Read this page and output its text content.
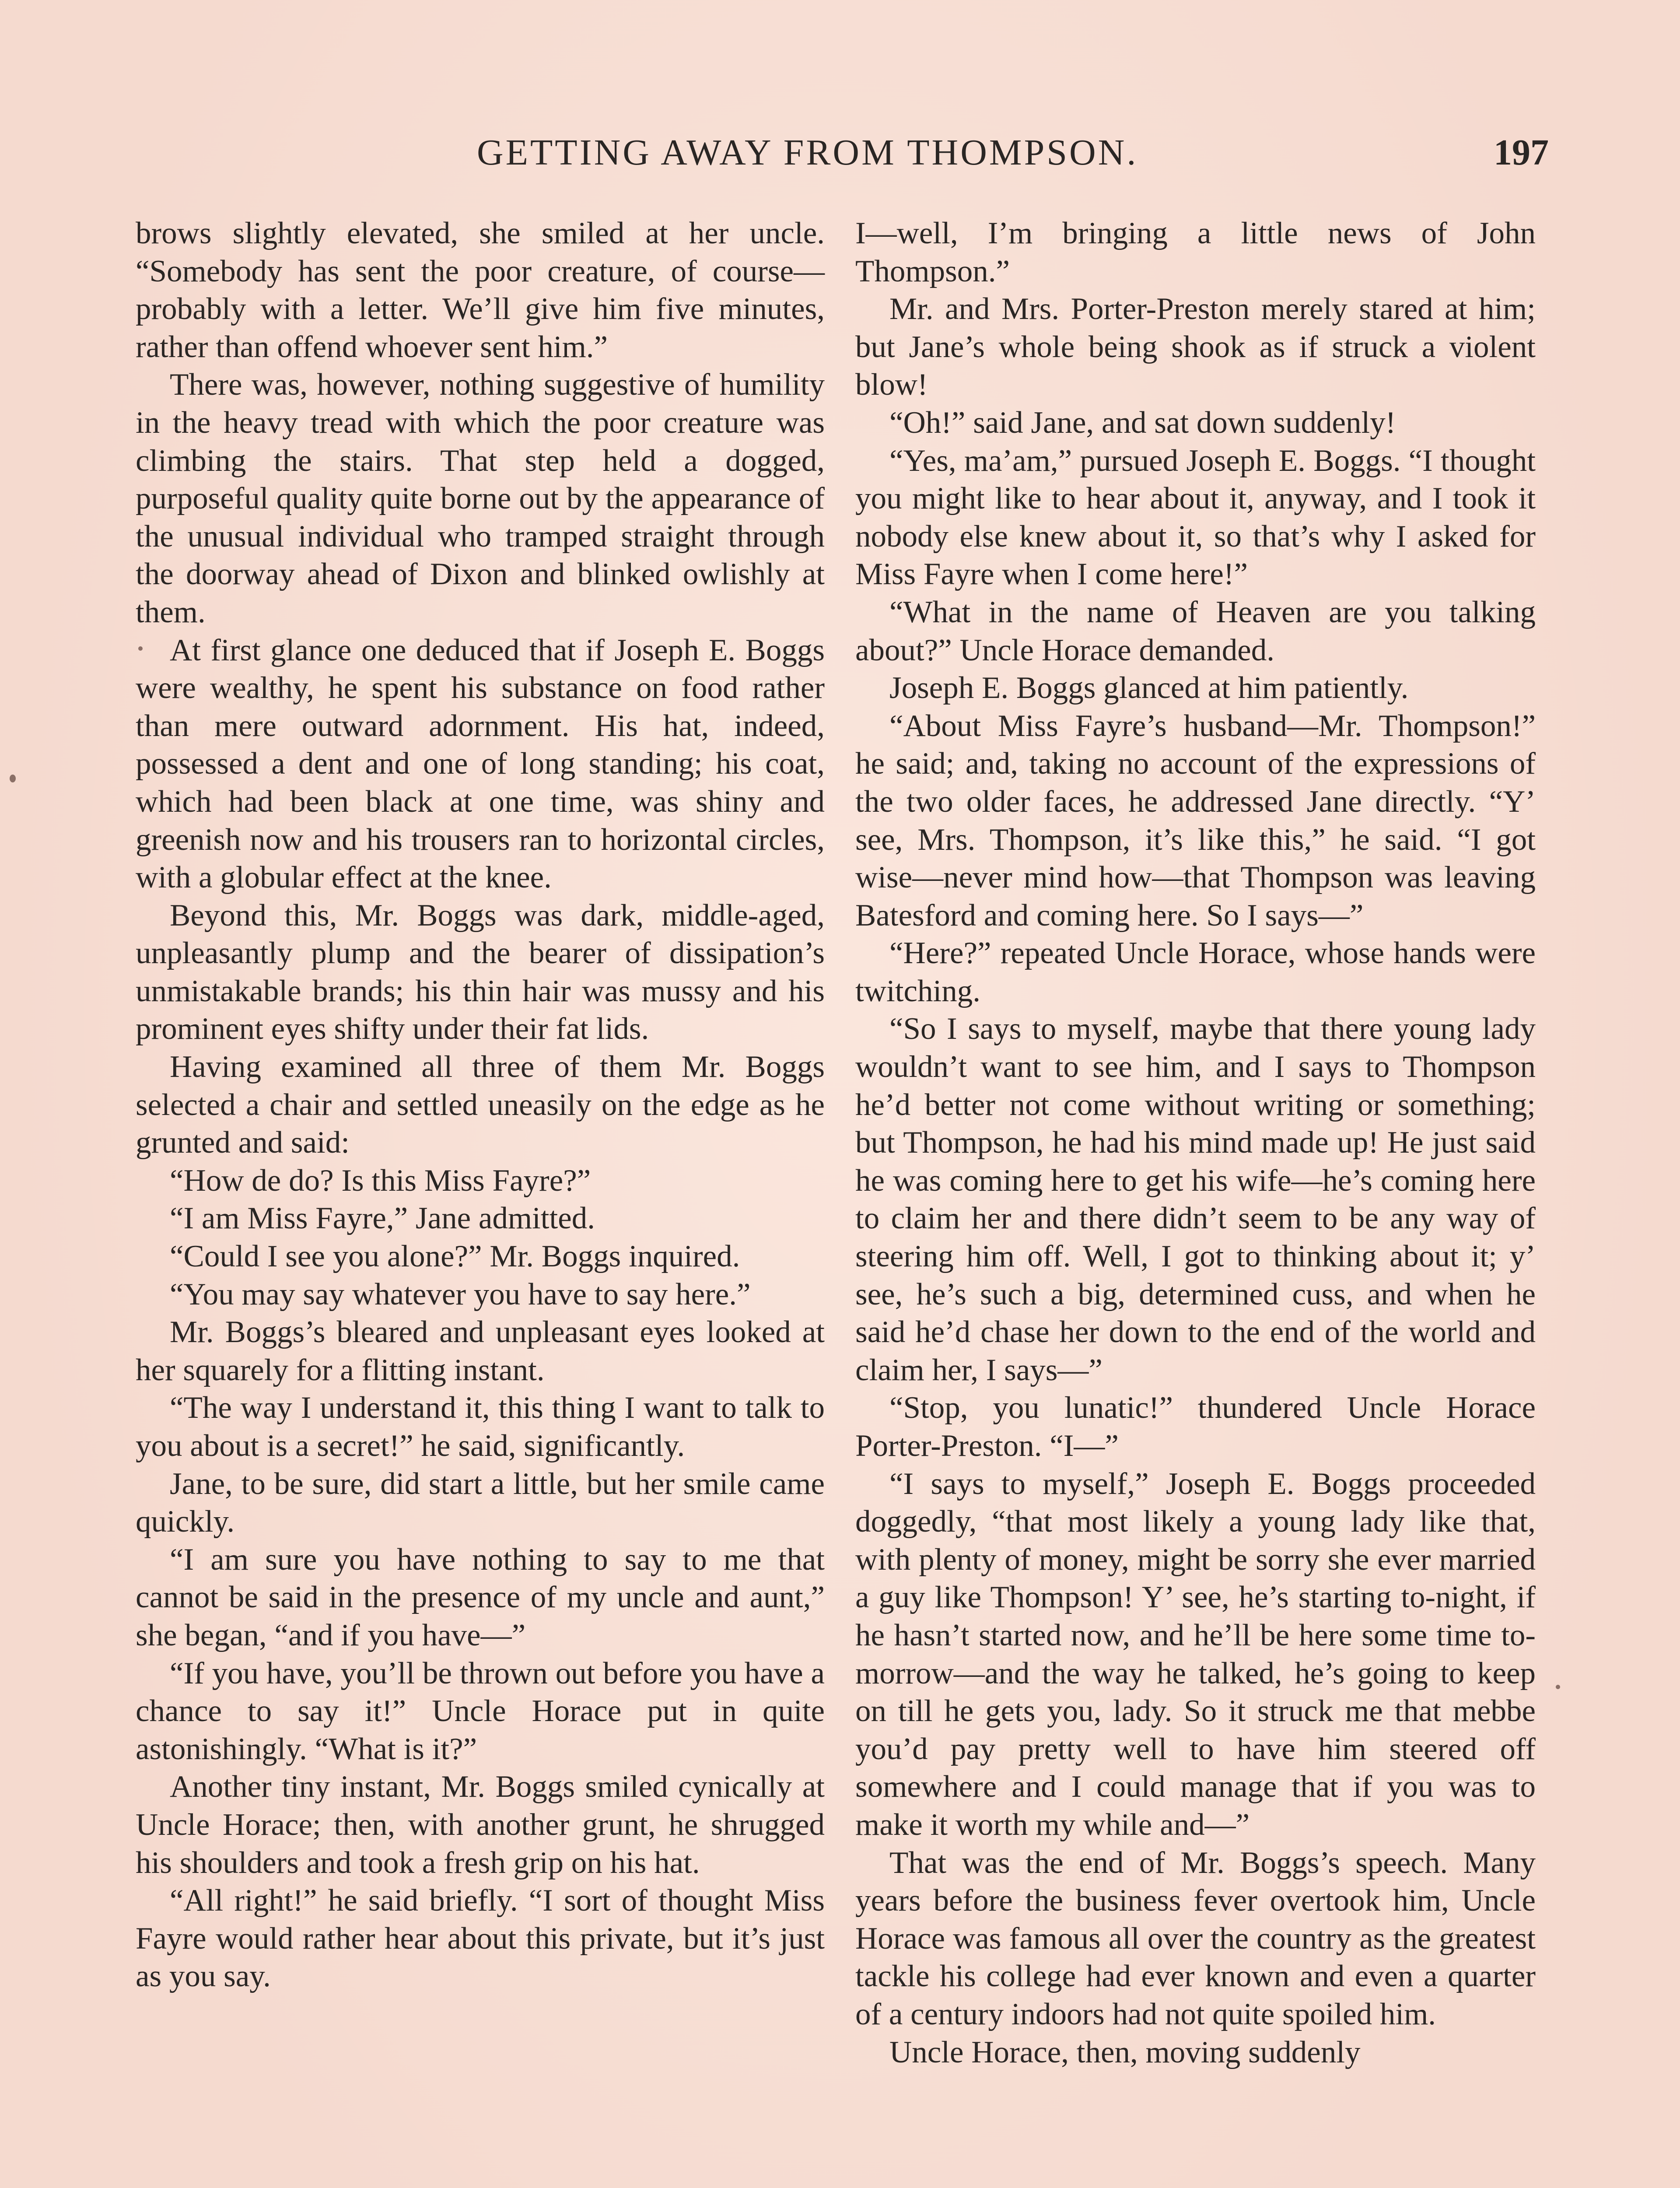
GETTING AWAY FROM THOMPSON.	197

brows slightly elevated, she smiled at her uncle. “Somebody has sent the poor creature, of course—probably with a letter. We’ll give him five minutes, rather than offend whoever sent him.”

There was, however, nothing suggestive of humility in the heavy tread with which the poor creature was climbing the stairs. That step held a dogged, purposeful quality quite borne out by the appearance of the unusual individual who tramped straight through the doorway ahead of Dixon and blinked owlishly at them.

At first glance one deduced that if Joseph E. Boggs were wealthy, he spent his substance on food rather than mere outward adornment. His hat, indeed, possessed a dent and one of long standing; his coat, which had been black at one time, was shiny and greenish now and his trousers ran to horizontal circles, with a globular effect at the knee.

Beyond this, Mr. Boggs was dark, middle-aged, unpleasantly plump and the bearer of dissipation’s unmistakable brands; his thin hair was mussy and his prominent eyes shifty under their fat lids.

Having examined all three of them Mr. Boggs selected a chair and settled uneasily on the edge as he grunted and said:

“How de do? Is this Miss Fayre?”

“I am Miss Fayre,” Jane admitted.

“Could I see you alone?” Mr. Boggs inquired.

“You may say whatever you have to say here.”

Mr. Boggs’s bleared and unpleasant eyes looked at her squarely for a flitting instant.

“The way I understand it, this thing I want to talk to you about is a secret!” he said, significantly.

Jane, to be sure, did start a little, but her smile came quickly.

“I am sure you have nothing to say to me that cannot be said in the presence of my uncle and aunt,” she began, “and if you have—”

“If you have, you’ll be thrown out before you have a chance to say it!” Uncle Horace put in quite astonishingly. “What is it?”

Another tiny instant, Mr. Boggs smiled cynically at Uncle Horace; then, with another grunt, he shrugged his shoulders and took a fresh grip on his hat.

“All right!” he said briefly. “I sort of thought Miss Fayre would rather hear about this private, but it’s just as you say.

I—well, I’m bringing a little news of John Thompson.”

Mr. and Mrs. Porter-Preston merely stared at him; but Jane’s whole being shook as if struck a violent blow!

“Oh!” said Jane, and sat down suddenly!

“Yes, ma’am,” pursued Joseph E. Boggs. “I thought you might like to hear about it, anyway, and I took it nobody else knew about it, so that’s why I asked for Miss Fayre when I come here!”

“What in the name of Heaven are you talking about?” Uncle Horace demanded.

Joseph E. Boggs glanced at him patiently.

“About Miss Fayre’s husband—Mr. Thompson!” he said; and, taking no account of the expressions of the two older faces, he addressed Jane directly. “Y’ see, Mrs. Thompson, it’s like this,” he said. “I got wise—never mind how—that Thompson was leaving Batesford and coming here. So I says—”

“Here?” repeated Uncle Horace, whose hands were twitching.

“So I says to myself, maybe that there young lady wouldn’t want to see him, and I says to Thompson he’d better not come without writing or something; but Thompson, he had his mind made up! He just said he was coming here to get his wife—he’s coming here to claim her and there didn’t seem to be any way of steering him off. Well, I got to thinking about it; y’ see, he’s such a big, determined cuss, and when he said he’d chase her down to the end of the world and claim her, I says—”

“Stop, you lunatic!” thundered Uncle Horace Porter-Preston. “I—”

“I says to myself,” Joseph E. Boggs proceeded doggedly, “that most likely a young lady like that, with plenty of money, might be sorry she ever married a guy like Thompson! Y’ see, he’s starting to-night, if he hasn’t started now, and he’ll be here some time to-morrow—and the way he talked, he’s going to keep on till he gets you, lady. So it struck me that mebbe you’d pay pretty well to have him steered off somewhere and I could manage that if you was to make it worth my while and—”

That was the end of Mr. Boggs’s speech. Many years before the business fever overtook him, Uncle Horace was famous all over the country as the greatest tackle his college had ever known and even a quarter of a century indoors had not quite spoiled him.

Uncle Horace, then, moving suddenly
